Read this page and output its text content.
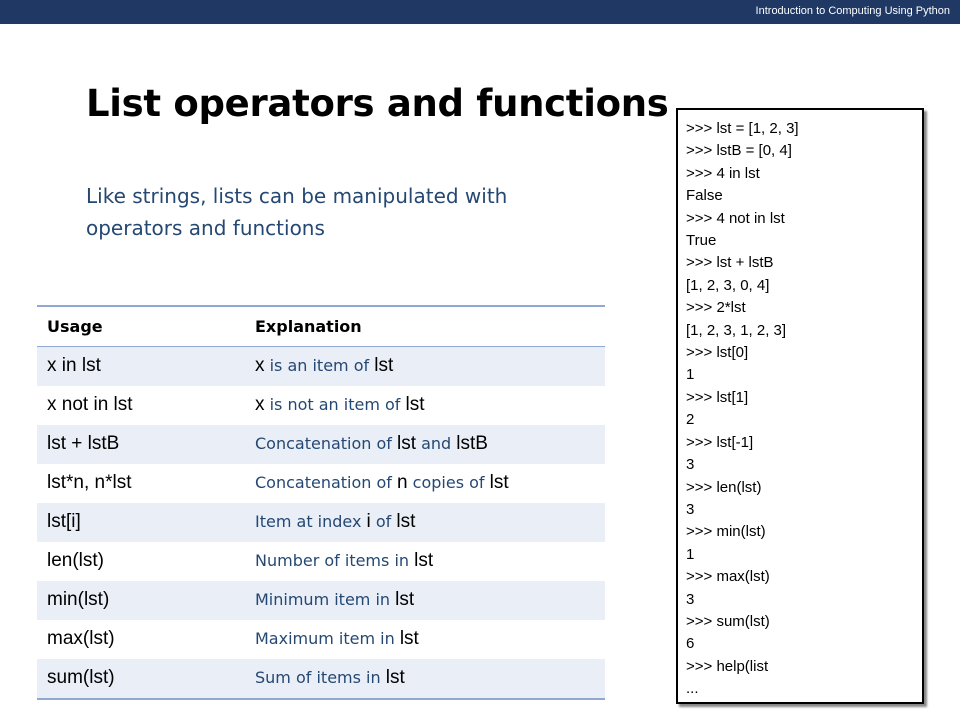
Introduction to Computing Using Python
List operators and functions
Like strings, lists can be manipulated with operators and functions
Usage	Explanation
x in lst	x is an item of lst
x not in lst	x is not an item of lst
lst + lstB	Concatenation of lst and lstB
lst*n, n*lst	Concatenation of n copies of lst
lst[i]	Item at index i of lst
len(lst)	Number of items in lst
min(lst)	Minimum item in lst
max(lst)	Maximum item in lst
sum(lst)	Sum of items in lst
>>> lst = [1, 2, 3]
>>> lstB = [0, 4]
>>> 4 in lst
False
>>> 4 not in lst
True
>>> lst + lstB
[1, 2, 3, 0, 4]
>>> 2*lst
[1, 2, 3, 1, 2, 3]
>>> lst[0]
1
>>> lst[1]
2
>>> lst[-1]
3
>>> len(lst)
3
>>> min(lst)
1
>>> max(lst)
3
>>> sum(lst)
6
>>> help(list
...
